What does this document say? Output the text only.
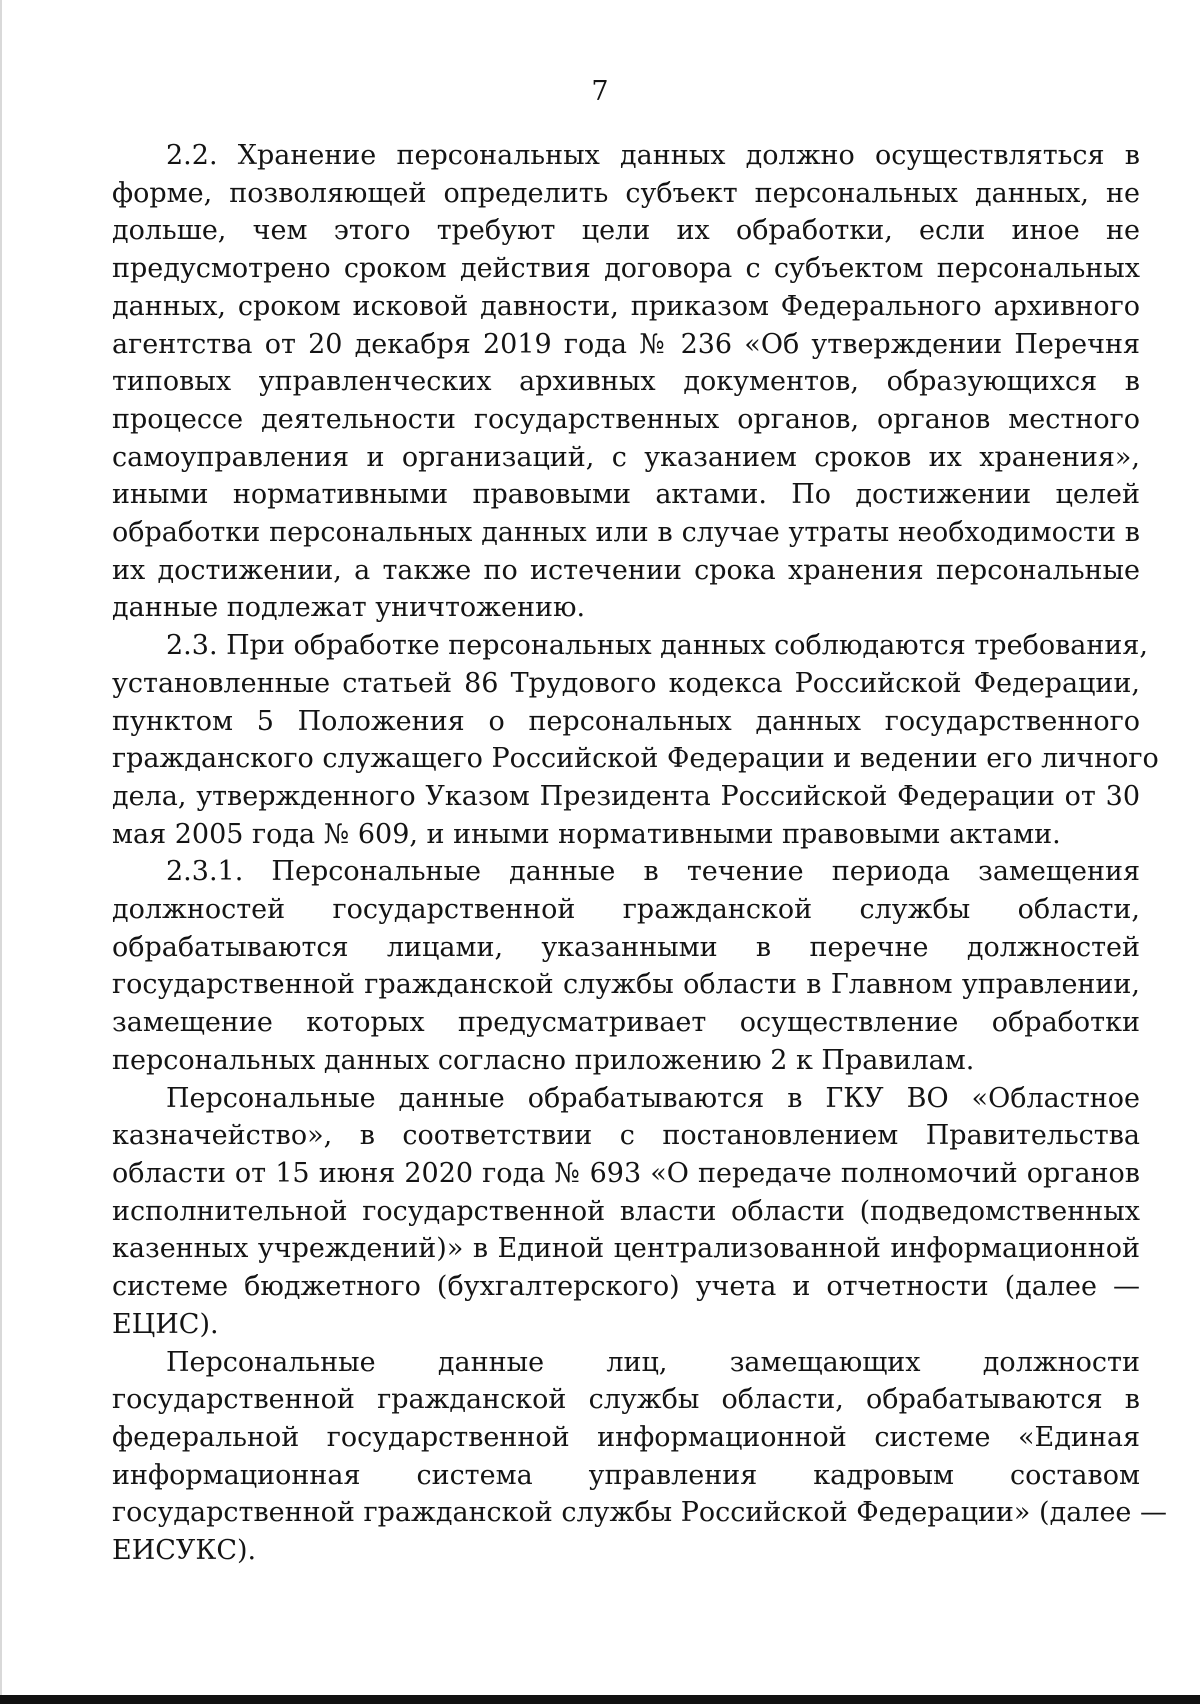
7
2.2. Хранение персональных данных должно осуществляться в
форме, позволяющей определить субъект персональных данных, не
дольше, чем этого требуют цели их обработки, если иное не
предусмотрено сроком действия договора с субъектом персональных
данных, сроком исковой давности, приказом Федерального архивного
агентства от 20 декабря 2019 года № 236 «Об утверждении Перечня
типовых управленческих архивных документов, образующихся в
процессе деятельности государственных органов, органов местного
самоуправления и организаций, с указанием сроков их хранения»,
иными нормативными правовыми актами. По достижении целей
обработки персональных данных или в случае утраты необходимости в
их достижении, а также по истечении срока хранения персональные
данные подлежат уничтожению.
2.3. При обработке персональных данных соблюдаются требования,
установленные статьей 86 Трудового кодекса Российской Федерации,
пунктом 5 Положения о персональных данных государственного
гражданского служащего Российской Федерации и ведении его личного
дела, утвержденного Указом Президента Российской Федерации от 30
мая 2005 года № 609, и иными нормативными правовыми актами.
2.3.1. Персональные данные в течение периода замещения
должностей государственной гражданской службы области,
обрабатываются лицами, указанными в перечне должностей
государственной гражданской службы области в Главном управлении,
замещение которых предусматривает осуществление обработки
персональных данных согласно приложению 2 к Правилам.
Персональные данные обрабатываются в ГКУ ВО «Областное
казначейство», в соответствии с постановлением Правительства
области от 15 июня 2020 года № 693 «О передаче полномочий органов
исполнительной государственной власти области (подведомственных
казенных учреждений)» в Единой централизованной информационной
системе бюджетного (бухгалтерского) учета и отчетности (далее —
ЕЦИС).
Персональные данные лиц, замещающих должности
государственной гражданской службы области, обрабатываются в
федеральной государственной информационной системе «Единая
информационная система управления кадровым составом
государственной гражданской службы Российской Федерации» (далее —
ЕИСУКС).
